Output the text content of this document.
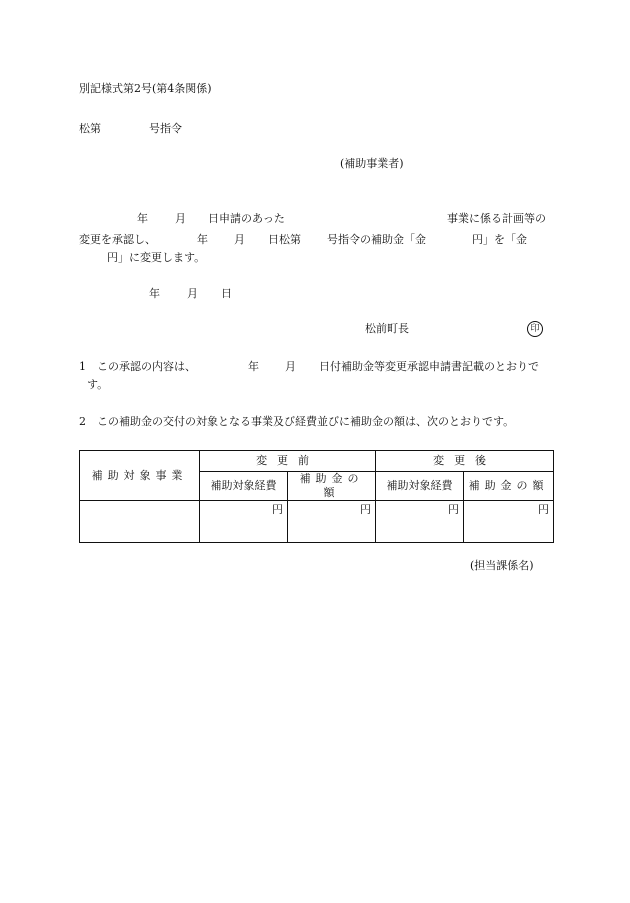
別記様式第2号(第4条関係)
松第	号指令
(補助事業者)
年 月 日申請のあった	事業に係る計画等の
変更を承認し、	年 月 日松第 号指令の補助金「金	円」を「金
円」に変更します。
年 月 日
松前町長	印
1　この承認の内容は、	年 月 日付補助金等変更承認申請書記載のとおりで
す。
2　この補助金の交付の対象となる事業及び経費並びに補助金の額は、次のとおりです。
補助対象事業	変更前		変更後	
	補助対象経費	補助金の額	補助対象経費	補助金の額
	円	円	円	円
(担当課係名)
